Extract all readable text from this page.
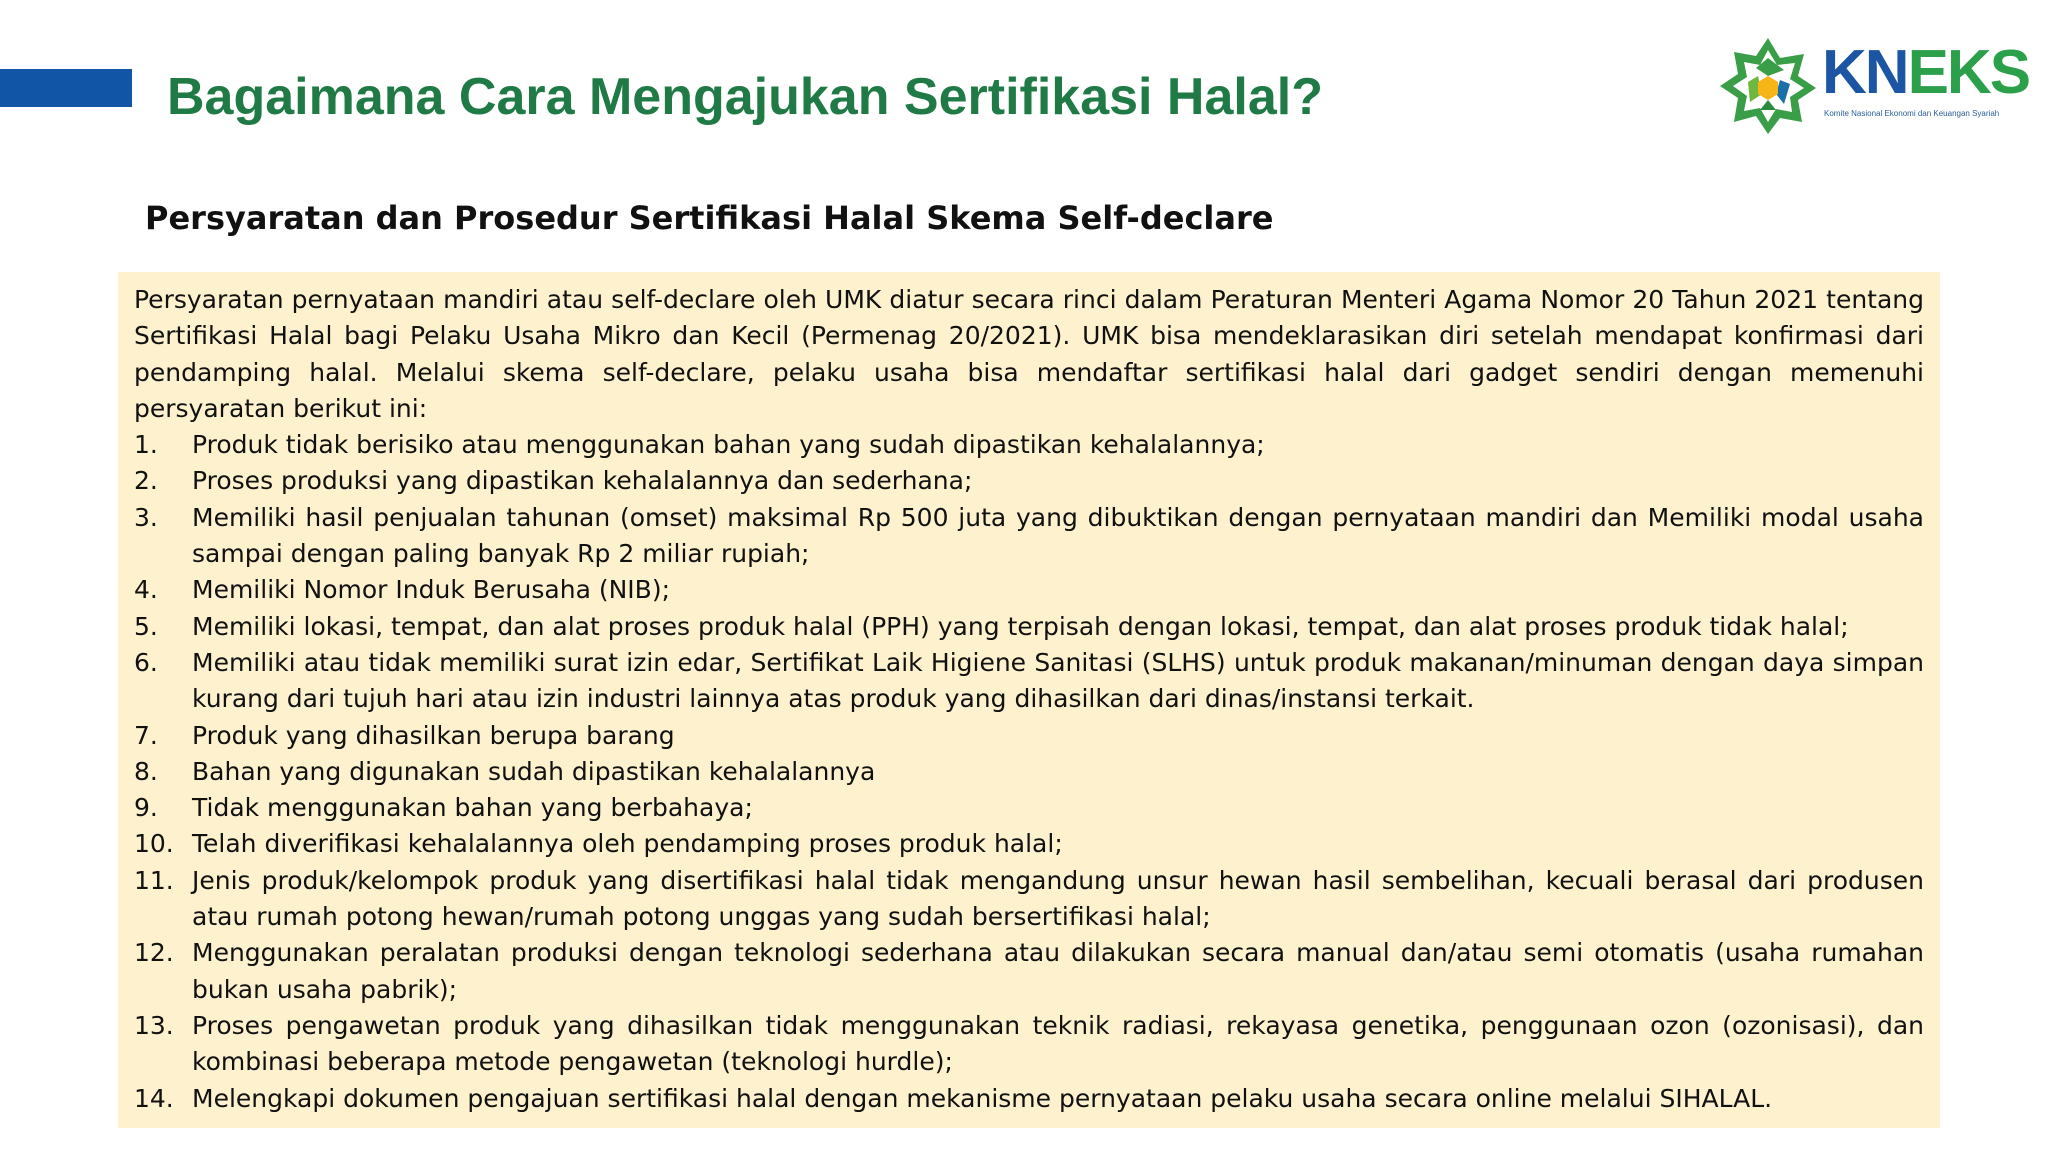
Bagaimana Cara Mengajukan Sertifikasi Halal?	KNEKS
Komite Nasional Ekonomi dan Keuangan Syariah
Persyaratan dan Prosedur Sertifikasi Halal Skema Self-declare

Persyaratan pernyataan mandiri atau self-declare oleh UMK diatur secara rinci dalam Peraturan Menteri Agama Nomor 20 Tahun 2021 tentang Sertifikasi Halal bagi Pelaku Usaha Mikro dan Kecil (Permenag 20/2021). UMK bisa mendeklarasikan diri setelah mendapat konfirmasi dari pendamping halal. Melalui skema self-declare, pelaku usaha bisa mendaftar sertifikasi halal dari gadget sendiri dengan memenuhi persyaratan berikut ini:

1. Produk tidak berisiko atau menggunakan bahan yang sudah dipastikan kehalalannya;
2. Proses produksi yang dipastikan kehalalannya dan sederhana;
3. Memiliki hasil penjualan tahunan (omset) maksimal Rp 500 juta yang dibuktikan dengan pernyataan mandiri dan Memiliki modal usaha sampai dengan paling banyak Rp 2 miliar rupiah;
4. Memiliki Nomor Induk Berusaha (NIB);
5. Memiliki lokasi, tempat, dan alat proses produk halal (PPH) yang terpisah dengan lokasi, tempat, dan alat proses produk tidak halal;
6. Memiliki atau tidak memiliki surat izin edar, Sertifikat Laik Higiene Sanitasi (SLHS) untuk produk makanan/minuman dengan daya simpan kurang dari tujuh hari atau izin industri lainnya atas produk yang dihasilkan dari dinas/instansi terkait.
7. Produk yang dihasilkan berupa barang
8. Bahan yang digunakan sudah dipastikan kehalalannya
9. Tidak menggunakan bahan yang berbahaya;
10. Telah diverifikasi kehalalannya oleh pendamping proses produk halal;
11. Jenis produk/kelompok produk yang disertifikasi halal tidak mengandung unsur hewan hasil sembelihan, kecuali berasal dari produsen atau rumah potong hewan/rumah potong unggas yang sudah bersertifikasi halal;
12. Menggunakan peralatan produksi dengan teknologi sederhana atau dilakukan secara manual dan/atau semi otomatis (usaha rumahan bukan usaha pabrik);
13. Proses pengawetan produk yang dihasilkan tidak menggunakan teknik radiasi, rekayasa genetika, penggunaan ozon (ozonisasi), dan kombinasi beberapa metode pengawetan (teknologi hurdle);
14. Melengkapi dokumen pengajuan sertifikasi halal dengan mekanisme pernyataan pelaku usaha secara online melalui SIHALAL.
